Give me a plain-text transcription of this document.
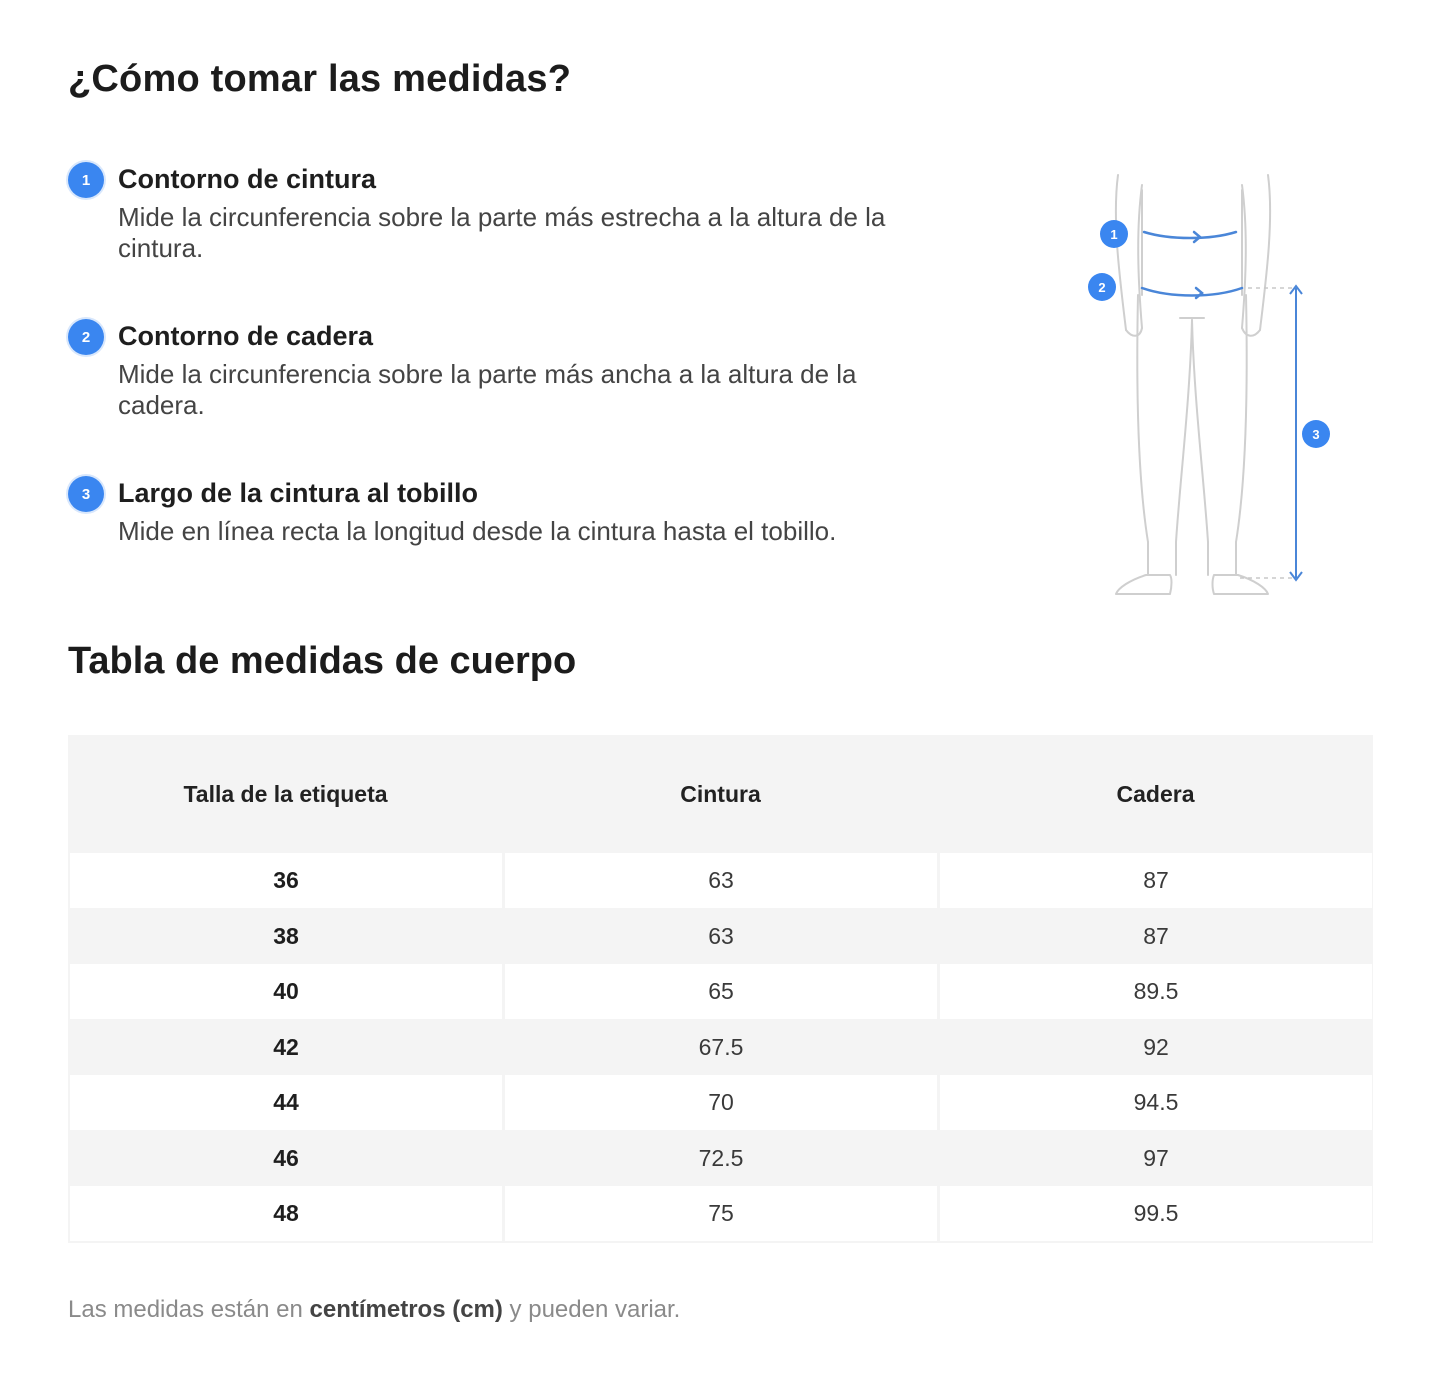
¿Cómo tomar las medidas?
1	Contorno de cintura
Mide la circunferencia sobre la parte más estrecha a la altura de la cintura.
2	Contorno de cadera
Mide la circunferencia sobre la parte más ancha a la altura de la cadera.
3	Largo de la cintura al tobillo
Mide en línea recta la longitud desde la cintura hasta el tobillo.
1
2
3
Tabla de medidas de cuerpo
Talla de la etiqueta	Cintura	Cadera
36	63	87
38	63	87
40	65	89.5
42	67.5	92
44	70	94.5
46	72.5	97
48	75	99.5
Las medidas están en centímetros (cm) y pueden variar.
